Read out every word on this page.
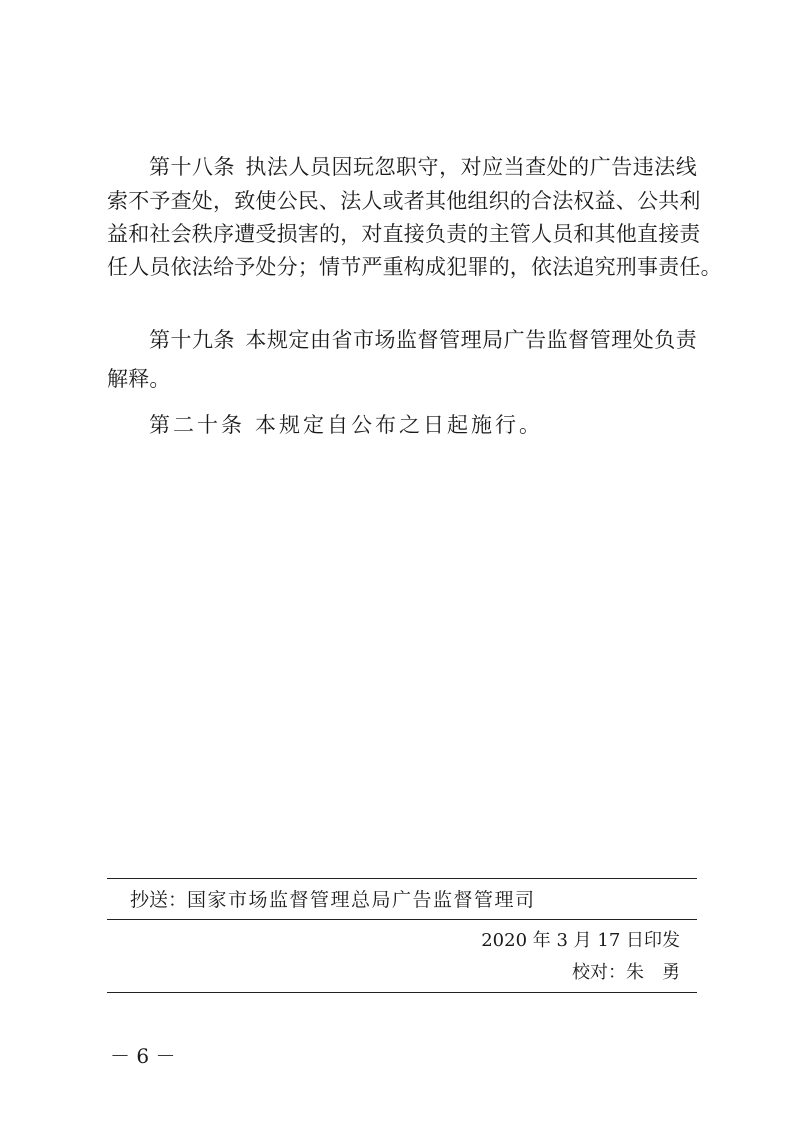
第十八条 执法人员因玩忽职守，对应当查处的广告违法线
索不予查处，致使公民、法人或者其他组织的合法权益、公共利
益和社会秩序遭受损害的，对直接负责的主管人员和其他直接责
任人员依法给予处分；情节严重构成犯罪的，依法追究刑事责任。
第十九条 本规定由省市场监督管理局广告监督管理处负责
解释。
第二十条 本规定自公布之日起施行。
抄送：国家市场监督管理总局广告监督管理司
2020 年 3 月 17 日印发
校对：朱　勇
－ 6 －
